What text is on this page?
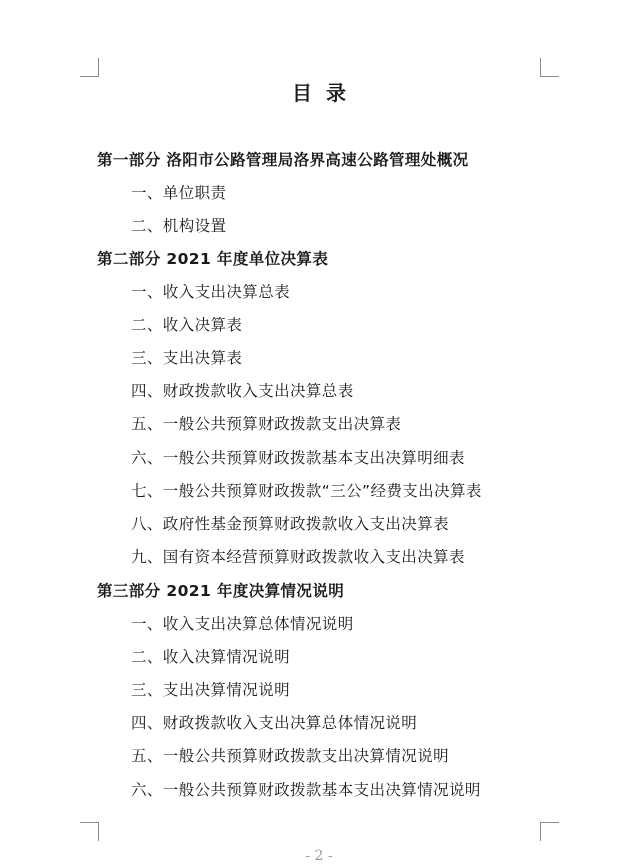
目录
第一部分 洛阳市公路管理局洛界高速公路管理处概况
一、单位职责
二、机构设置
第二部分 2021 年度单位决算表
一、收入支出决算总表
二、收入决算表
三、支出决算表
四、财政拨款收入支出决算总表
五、一般公共预算财政拨款支出决算表
六、一般公共预算财政拨款基本支出决算明细表
七、一般公共预算财政拨款“三公”经费支出决算表
八、政府性基金预算财政拨款收入支出决算表
九、国有资本经营预算财政拨款收入支出决算表
第三部分 2021 年度决算情况说明
一、收入支出决算总体情况说明
二、收入决算情况说明
三、支出决算情况说明
四、财政拨款收入支出决算总体情况说明
五、一般公共预算财政拨款支出决算情况说明
六、一般公共预算财政拨款基本支出决算情况说明
- 2 -
